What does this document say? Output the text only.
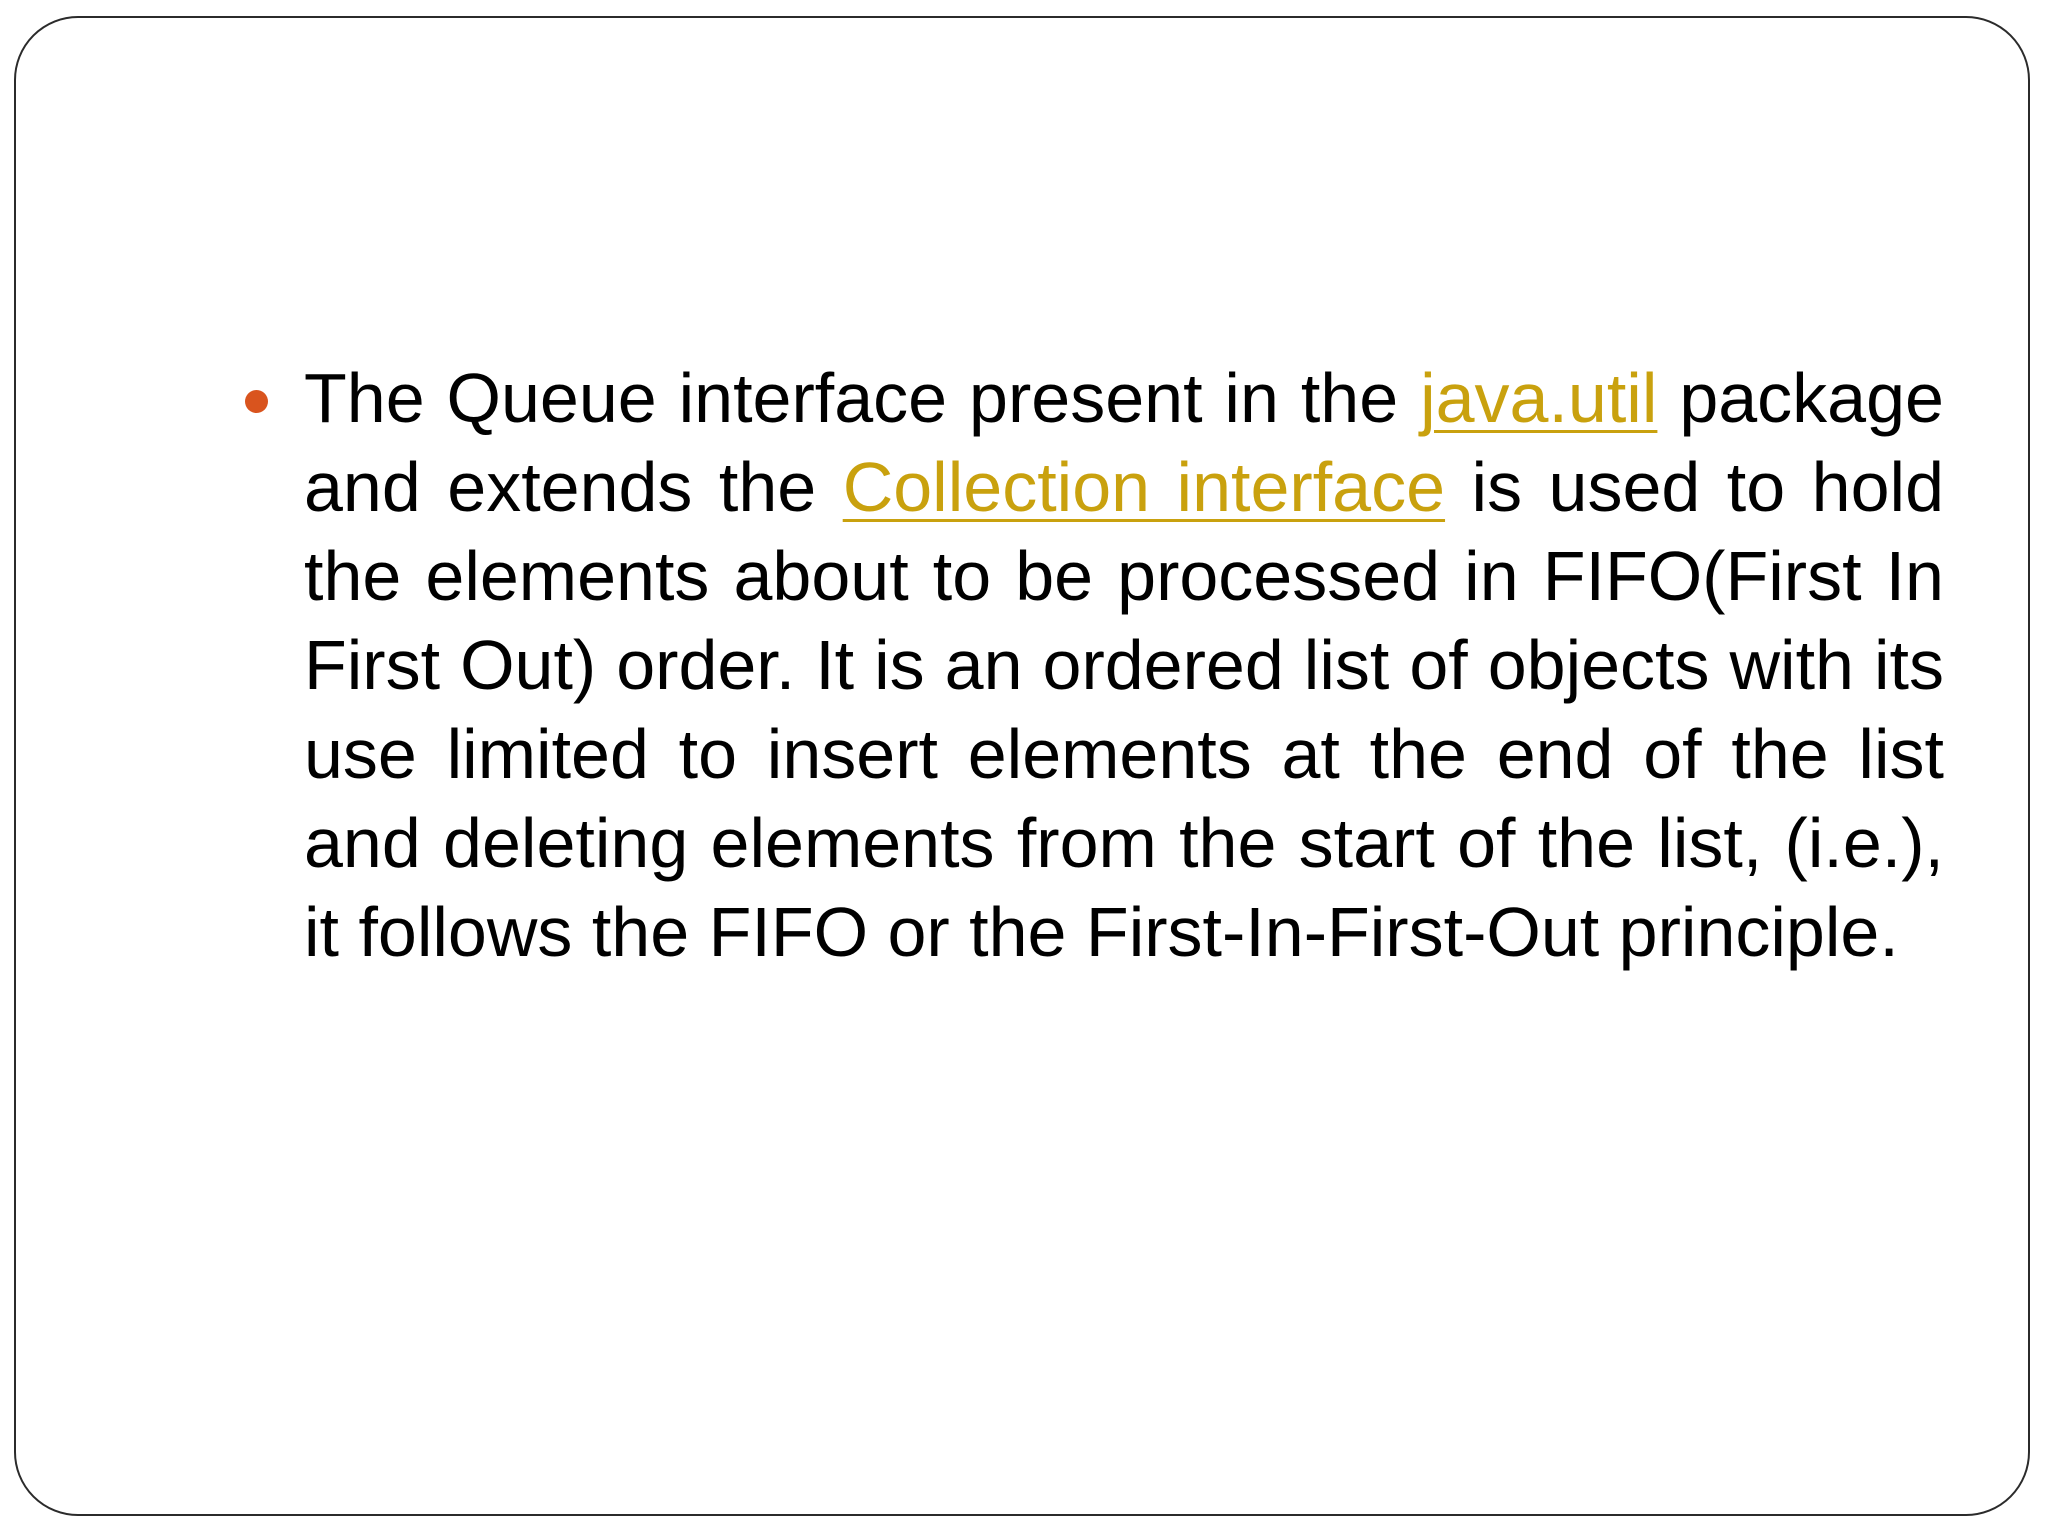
The Queue interface present in the java.util package and extends the Collection interface is used to hold the elements about to be processed in FIFO(First In First Out) order. It is an ordered list of objects with its use limited to insert elements at the end of the list and deleting elements from the start of the list, (i.e.), it follows the FIFO or the First-In-First-Out principle.
